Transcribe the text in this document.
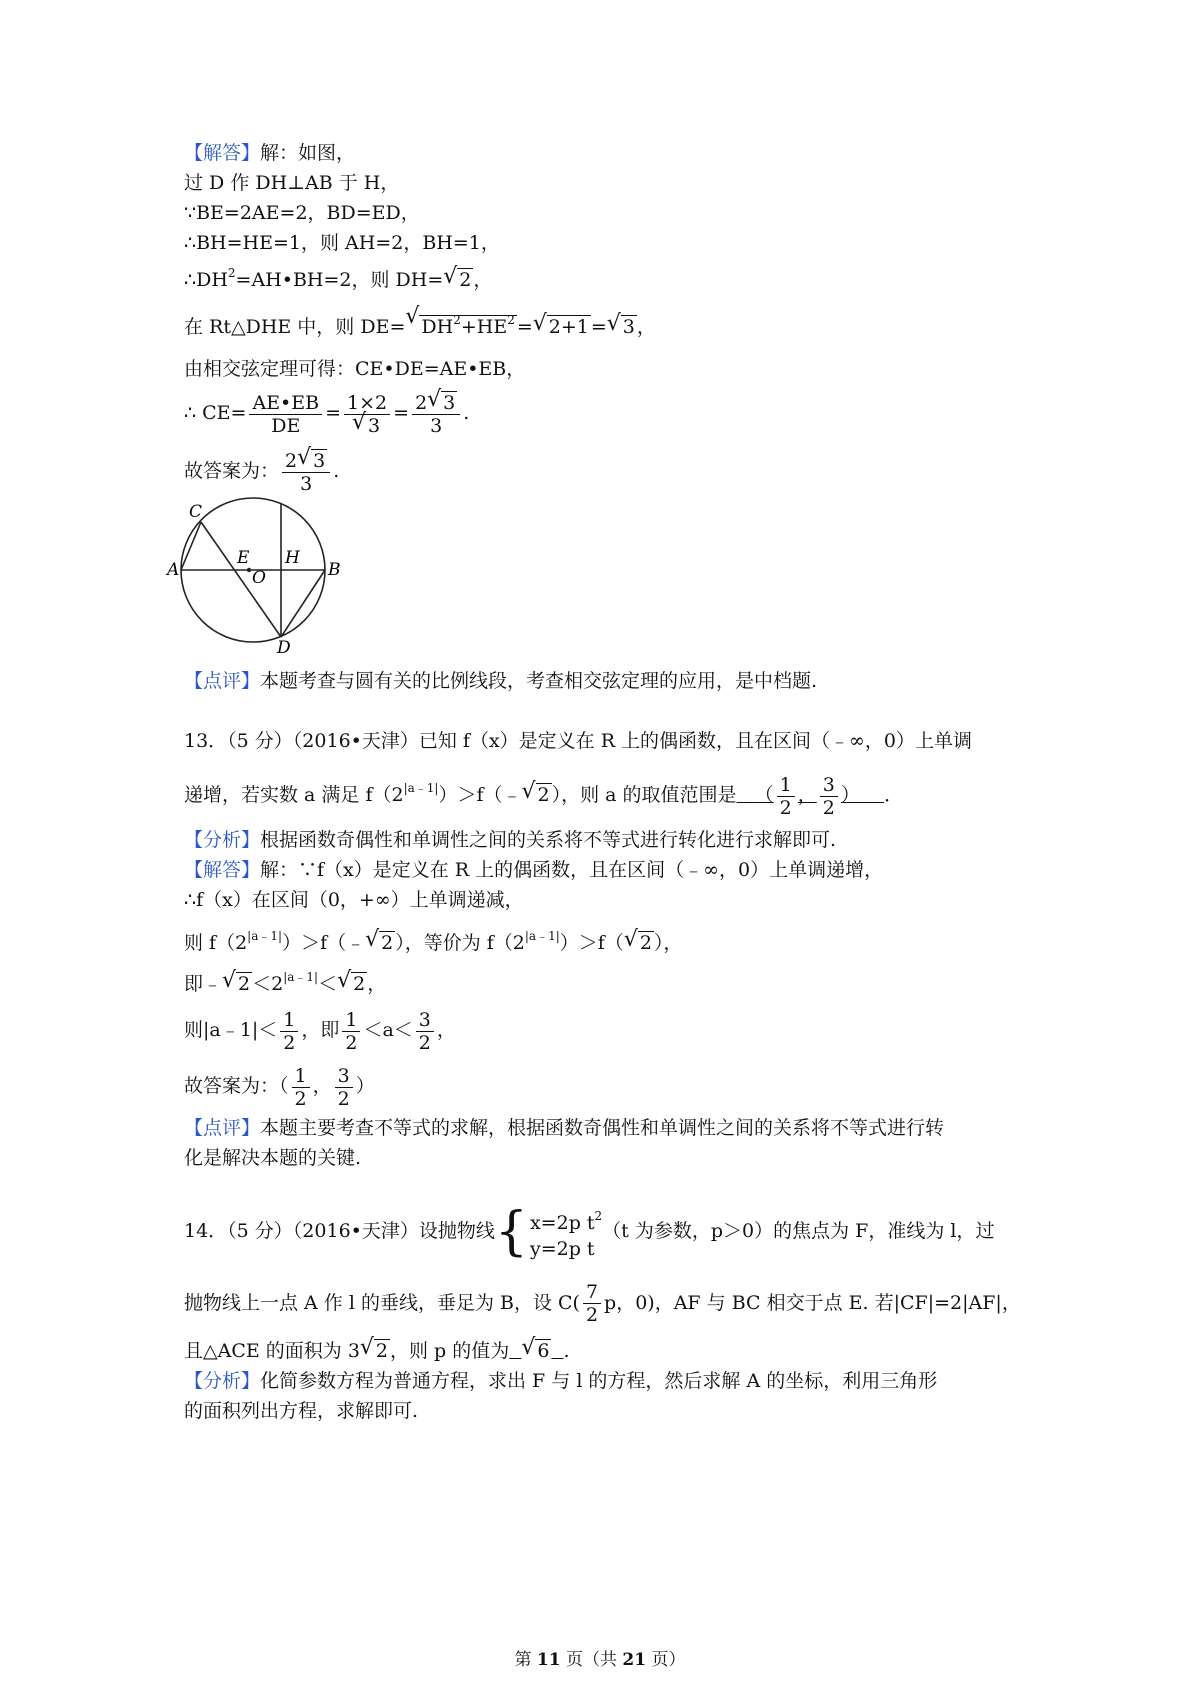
【解答】解：如图，
过 D 作 DH⊥AB 于 H，
∵BE=2AE=2，BD=ED，
∴BH=HE=1，则 AH=2，BH=1，
$\therefore DH^2=AH•BH=2$，则 DH=√ 2 ，
在 Rt△DHE 中，则 DE=√ $DH^2+HE^2$ =√ 2+1 =√ 3 ，
由相交弦定理可得：CE•DE=AE•EB，
∴ $CE= \frac{AE•EB}{DE} = 1\times 2$
√ $3 = \frac{2√ 3}{3}$ .
故答案为： $\frac{2√ 3}{3}$ .
【点评】本题考查与圆有关的比例线段，考查相交弦定理的应用，是中档题.
13．（5 分）（2016•天津）已知 f（x）是定义在 R 上的偶函数，且在区间（﹣∞，0）上单调
递增，若实数 a 满足 $f(2^{|a﹣1|})>f(﹣√$ 2 ），则 a 的取值范围是 （ $\frac{1}{2}$ ， $\frac{3}{2}$ ） ．
【分析】根据函数奇偶性和单调性之间的关系将不等式进行转化进行求解即可.
【解答】解：∵f（x）是定义在 R 上的偶函数，且在区间（﹣∞，0）上单调递增，
∴f（x）在区间（0，+∞）上单调递减，
则 $f(2^{|a﹣1|})>f(﹣√$ 2 ），等价为 $f(2^{|a﹣1|})>f(√$ 2 ），
即﹣√ $2 <2^{|a﹣1|}<√$ 2 ，
则|a﹣1|＜ $\frac{1}{2}$ ，即 $\frac{1}{2} <a< \frac{3}{2}$ ，
故答案为：（ $\frac{1}{2}$ ， $\frac{3}{2}$ ）
【点评】本题主要考查不等式的求解，根据函数奇偶性和单调性之间的关系将不等式进行转
化是解决本题的关键.
14．（5 分）（2016•天津）设抛物线 { x=2p $t^2$
y=2p t
（t 为参数，p＞0）的焦点为 F，准线为 l，过
抛物线上一点 A 作 l 的垂线，垂足为 B，设 $C( \frac{7}{2}$ p，0)，AF 与 BC 相交于点 E. 若|CF|=2|AF|，
且△ACE 的面积为 3√ 2 ，则 p 的值为  √ 6 .
【分析】化简参数方程为普通方程，求出 F 与 l 的方程，然后求解 A 的坐标，利用三角形
的面积列出方程，求解即可.
C
A
E
O
H
B
D
第 11 页（共 21 页）
